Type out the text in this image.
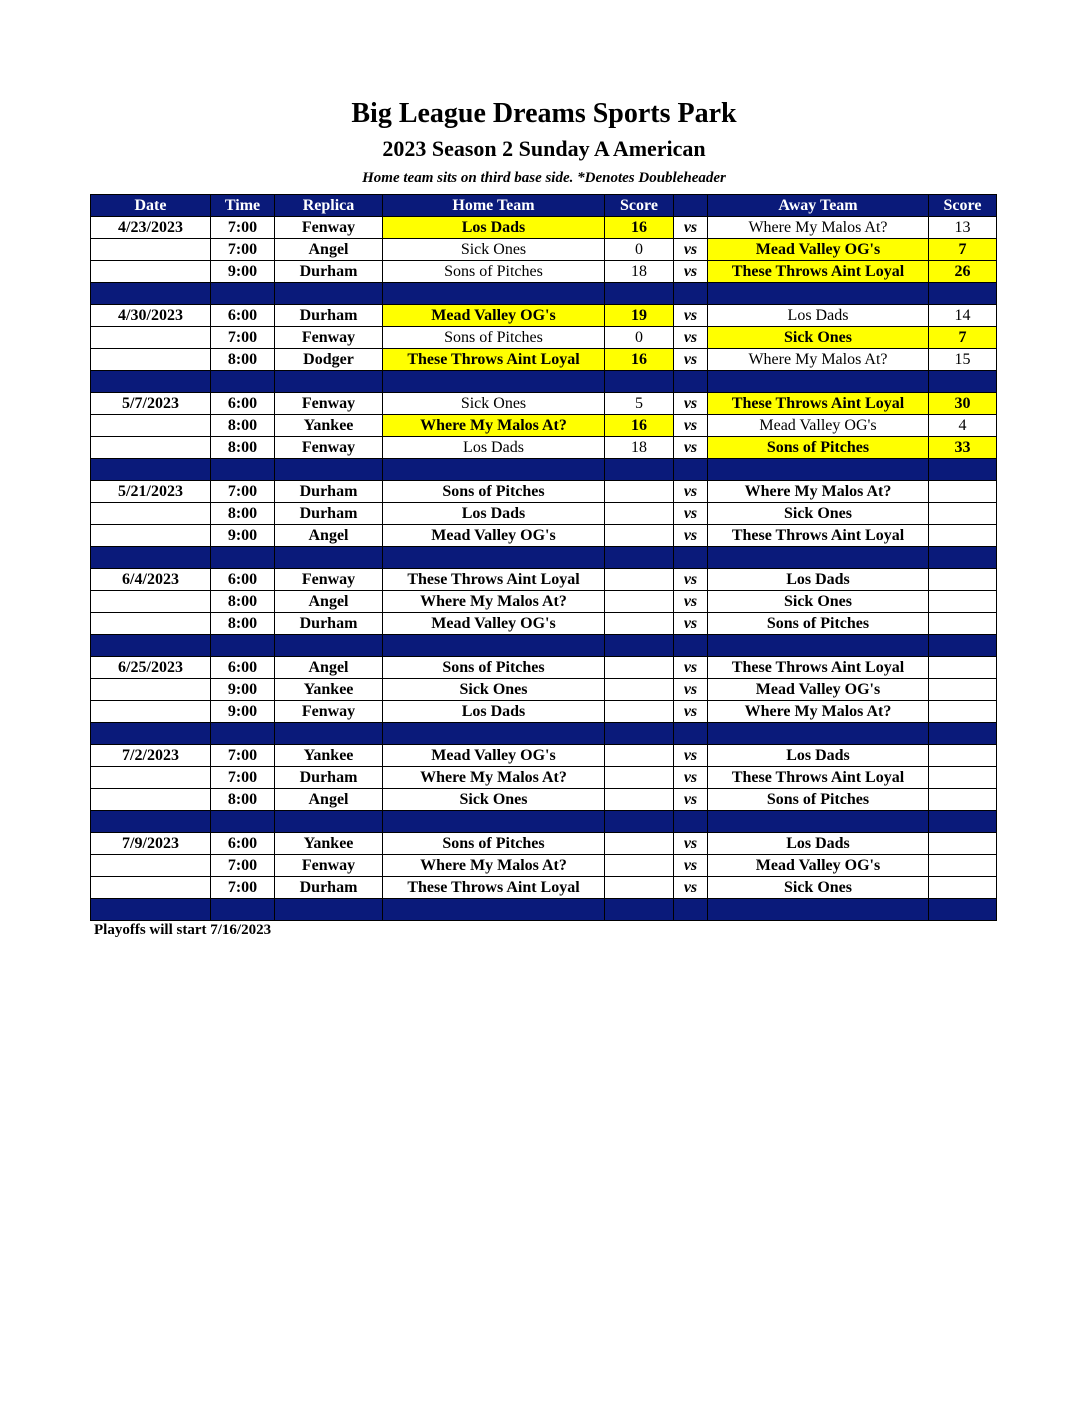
Big League Dreams Sports Park
2023 Season 2 Sunday A American
Home team sits on third base side. *Denotes Doubleheader
Date	Time	Replica	Home Team	Score		Away Team	Score
4/23/2023	7:00	Fenway	Los Dads	16	vs	Where My Malos At?	13
	7:00	Angel	Sick Ones	0	vs	Mead Valley OG's	7
	9:00	Durham	Sons of Pitches	18	vs	These Throws Aint Loyal	26

4/30/2023	6:00	Durham	Mead Valley OG's	19	vs	Los Dads	14
	7:00	Fenway	Sons of Pitches	0	vs	Sick Ones	7
	8:00	Dodger	These Throws Aint Loyal	16	vs	Where My Malos At?	15

5/7/2023	6:00	Fenway	Sick Ones	5	vs	These Throws Aint Loyal	30
	8:00	Yankee	Where My Malos At?	16	vs	Mead Valley OG's	4
	8:00	Fenway	Los Dads	18	vs	Sons of Pitches	33

5/21/2023	7:00	Durham	Sons of Pitches		vs	Where My Malos At?	
	8:00	Durham	Los Dads		vs	Sick Ones	
	9:00	Angel	Mead Valley OG's		vs	These Throws Aint Loyal	

6/4/2023	6:00	Fenway	These Throws Aint Loyal		vs	Los Dads	
	8:00	Angel	Where My Malos At?		vs	Sick Ones	
	8:00	Durham	Mead Valley OG's		vs	Sons of Pitches	

6/25/2023	6:00	Angel	Sons of Pitches		vs	These Throws Aint Loyal	
	9:00	Yankee	Sick Ones		vs	Mead Valley OG's	
	9:00	Fenway	Los Dads		vs	Where My Malos At?	

7/2/2023	7:00	Yankee	Mead Valley OG's		vs	Los Dads	
	7:00	Durham	Where My Malos At?		vs	These Throws Aint Loyal	
	8:00	Angel	Sick Ones		vs	Sons of Pitches	

7/9/2023	6:00	Yankee	Sons of Pitches		vs	Los Dads	
	7:00	Fenway	Where My Malos At?		vs	Mead Valley OG's	
	7:00	Durham	These Throws Aint Loyal		vs	Sick Ones	

Playoffs will start 7/16/2023
